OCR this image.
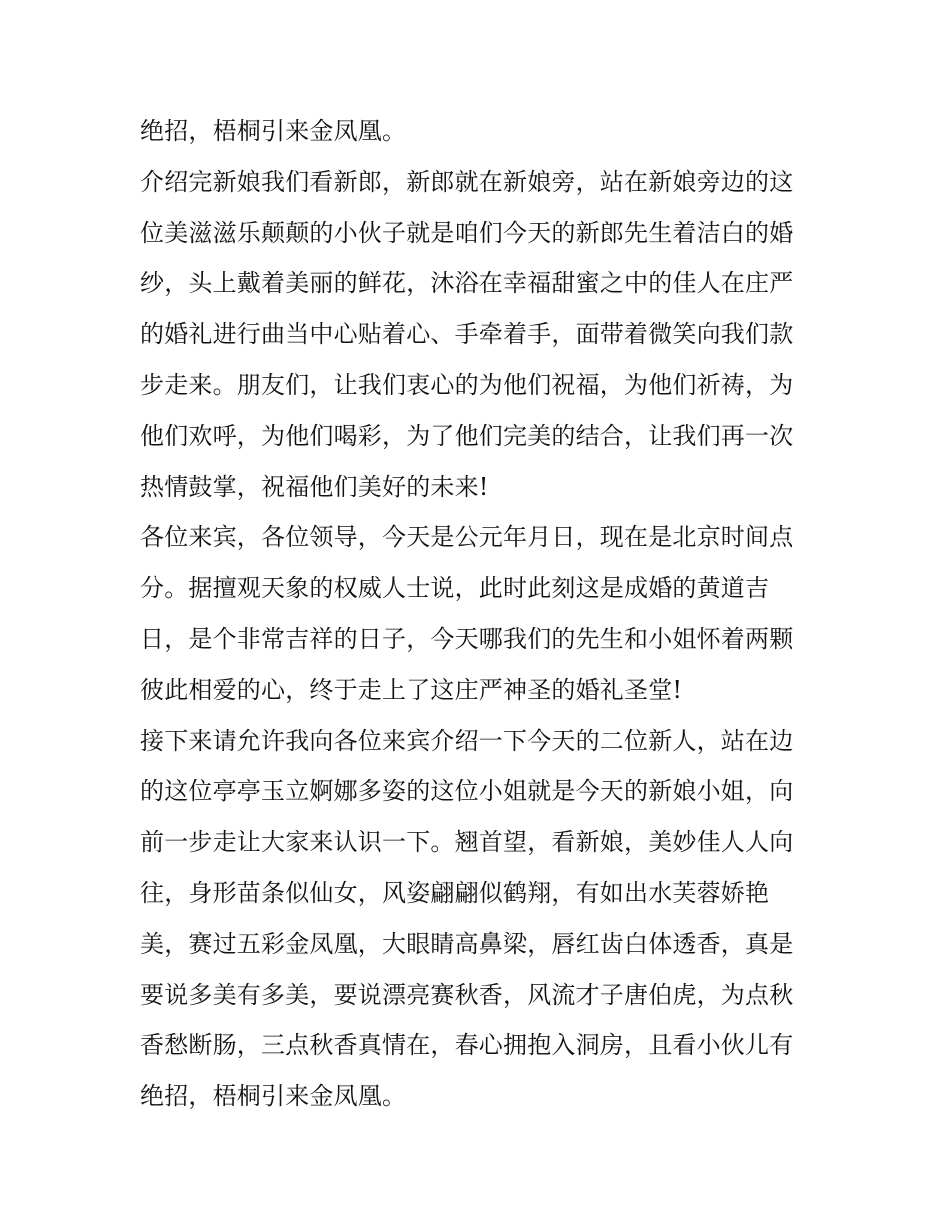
绝招，梧桐引来金凤凰。
介绍完新娘我们看新郎，新郎就在新娘旁，站在新娘旁边的这
位美滋滋乐颠颠的小伙子就是咱们今天的新郎先生着洁白的婚
纱，头上戴着美丽的鲜花，沐浴在幸福甜蜜之中的佳人在庄严
的婚礼进行曲当中心贴着心、手牵着手，面带着微笑向我们款
步走来。朋友们，让我们衷心的为他们祝福，为他们祈祷，为
他们欢呼，为他们喝彩，为了他们完美的结合，让我们再一次
热情鼓掌，祝福他们美好的未来!
各位来宾，各位领导，今天是公元年月日，现在是北京时间点
分。据擅观天象的权威人士说，此时此刻这是成婚的黄道吉
日，是个非常吉祥的日子，今天哪我们的先生和小姐怀着两颗
彼此相爱的心，终于走上了这庄严神圣的婚礼圣堂!
接下来请允许我向各位来宾介绍一下今天的二位新人，站在边
的这位亭亭玉立婀娜多姿的这位小姐就是今天的新娘小姐，向
前一步走让大家来认识一下。翘首望，看新娘，美妙佳人人向
往，身形苗条似仙女，风姿翩翩似鹤翔，有如出水芙蓉娇艳
美，赛过五彩金凤凰，大眼睛高鼻梁，唇红齿白体透香，真是
要说多美有多美，要说漂亮赛秋香，风流才子唐伯虎，为点秋
香愁断肠，三点秋香真情在，春心拥抱入洞房，且看小伙儿有
绝招，梧桐引来金凤凰。
